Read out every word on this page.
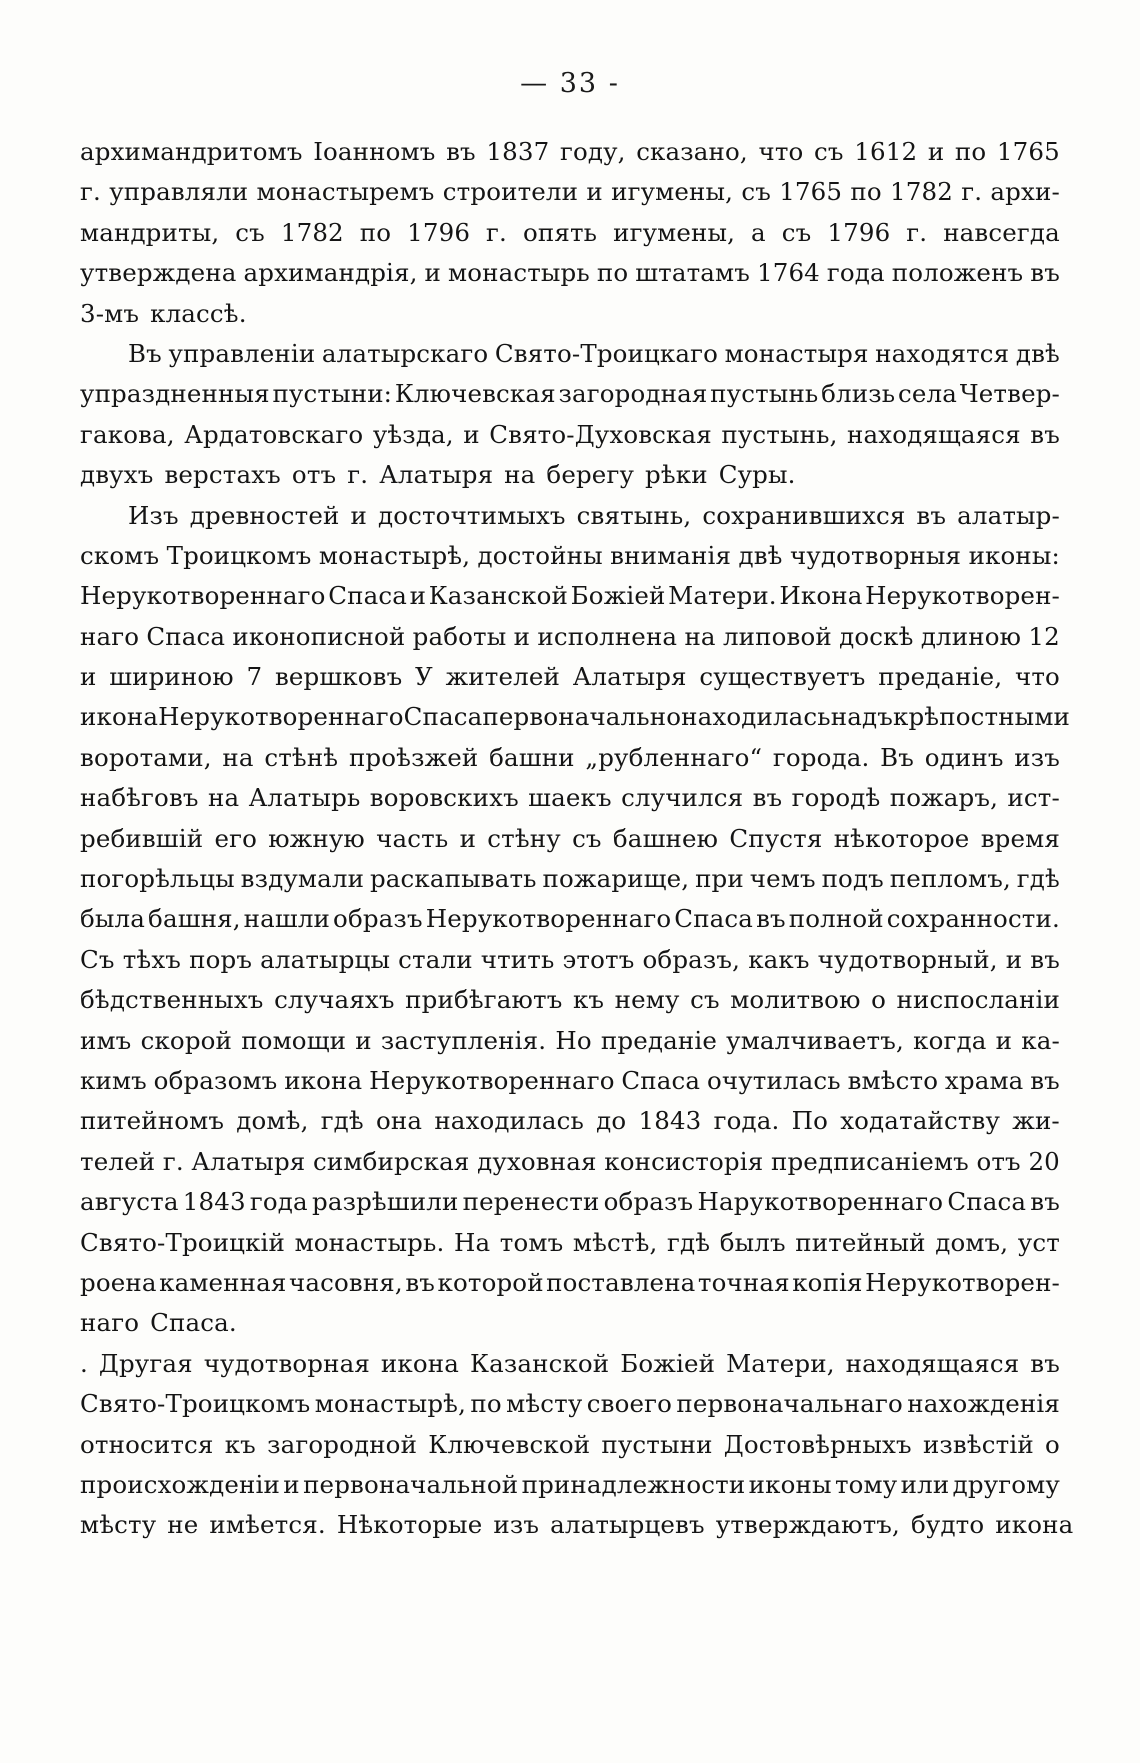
— 33 -
архимандритомъ Іоанномъ въ 1837 году, сказано, что съ 1612 и по 1765
г. управляли монастыремъ строители и игумены, съ 1765 по 1782 г. архи-
мандриты, съ 1782 по 1796 г. опять игумены, а съ 1796 г. навсегда
утверждена архимандрія, и монастырь по штатамъ 1764 года положенъ въ
3-мъ классѣ.
Въ управленіи алатырскаго Свято-Троицкаго монастыря находятся двѣ
упраздненныя пустыни: Ключевская загородная пустынь близь села Четвер-
гакова, Ардатовскаго уѣзда, и Свято-Духовская пустынь, находящаяся въ
двухъ верстахъ отъ г. Алатыря на берегу рѣки Суры.
Изъ древностей и досточтимыхъ святынь, сохранившихся въ алатыр-
скомъ Троицкомъ монастырѣ, достойны вниманія двѣ чудотворныя иконы:
Нерукотвореннаго Спаса и Казанской Божіей Матери. Икона Нерукотворен-
наго Спаса иконописной работы и исполнена на липовой доскѣ длиною 12
и шириною 7 вершковъ У жителей Алатыря существуетъ преданіе, что
икона Нерукотвореннаго Спаса первоначально находилась надъ крѣпостными
воротами, на стѣнѣ проѣзжей башни „рубленнаго“ города. Въ одинъ изъ
набѣговъ на Алатырь воровскихъ шаекъ случился въ городѣ пожаръ, ист-
ребившій его южную часть и стѣну съ башнею Спустя нѣкоторое время
погорѣльцы вздумали раскапывать пожарище, при чемъ подъ пепломъ, гдѣ
была башня, нашли образъ Нерукотвореннаго Спаса въ полной сохранности.
Съ тѣхъ поръ алатырцы стали чтить этотъ образъ, какъ чудотворный, и въ
бѣдственныхъ случаяхъ прибѣгаютъ къ нему съ молитвою о ниспосланіи
имъ скорой помощи и заступленія. Но преданіе умалчиваетъ, когда и ка-
кимъ образомъ икона Нерукотвореннаго Спаса очутилась вмѣсто храма въ
питейномъ домѣ, гдѣ она находилась до 1843 года. По ходатайству жи-
телей г. Алатыря симбирская духовная консисторія предписаніемъ отъ 20
августа 1843 года разрѣшили перенести образъ Нарукотвореннаго Спаса въ
Свято-Троицкій монастырь. На томъ мѣстѣ, гдѣ былъ питейный домъ, уст
роена каменная часовня, въ которой поставлена точная копія Нерукотворен-
наго Спаса.
. Другая чудотворная икона Казанской Божіей Матери, находящаяся въ
Свято-Троицкомъ монастырѣ, по мѣсту своего первоначальнаго нахожденія
относится къ загородной Ключевской пустыни Достовѣрныхъ извѣстій о
происхожденіи и первоначальной принадлежности иконы тому или другому
мѣсту не имѣется. Нѣкоторые изъ алатырцевъ утверждаютъ, будто икона
